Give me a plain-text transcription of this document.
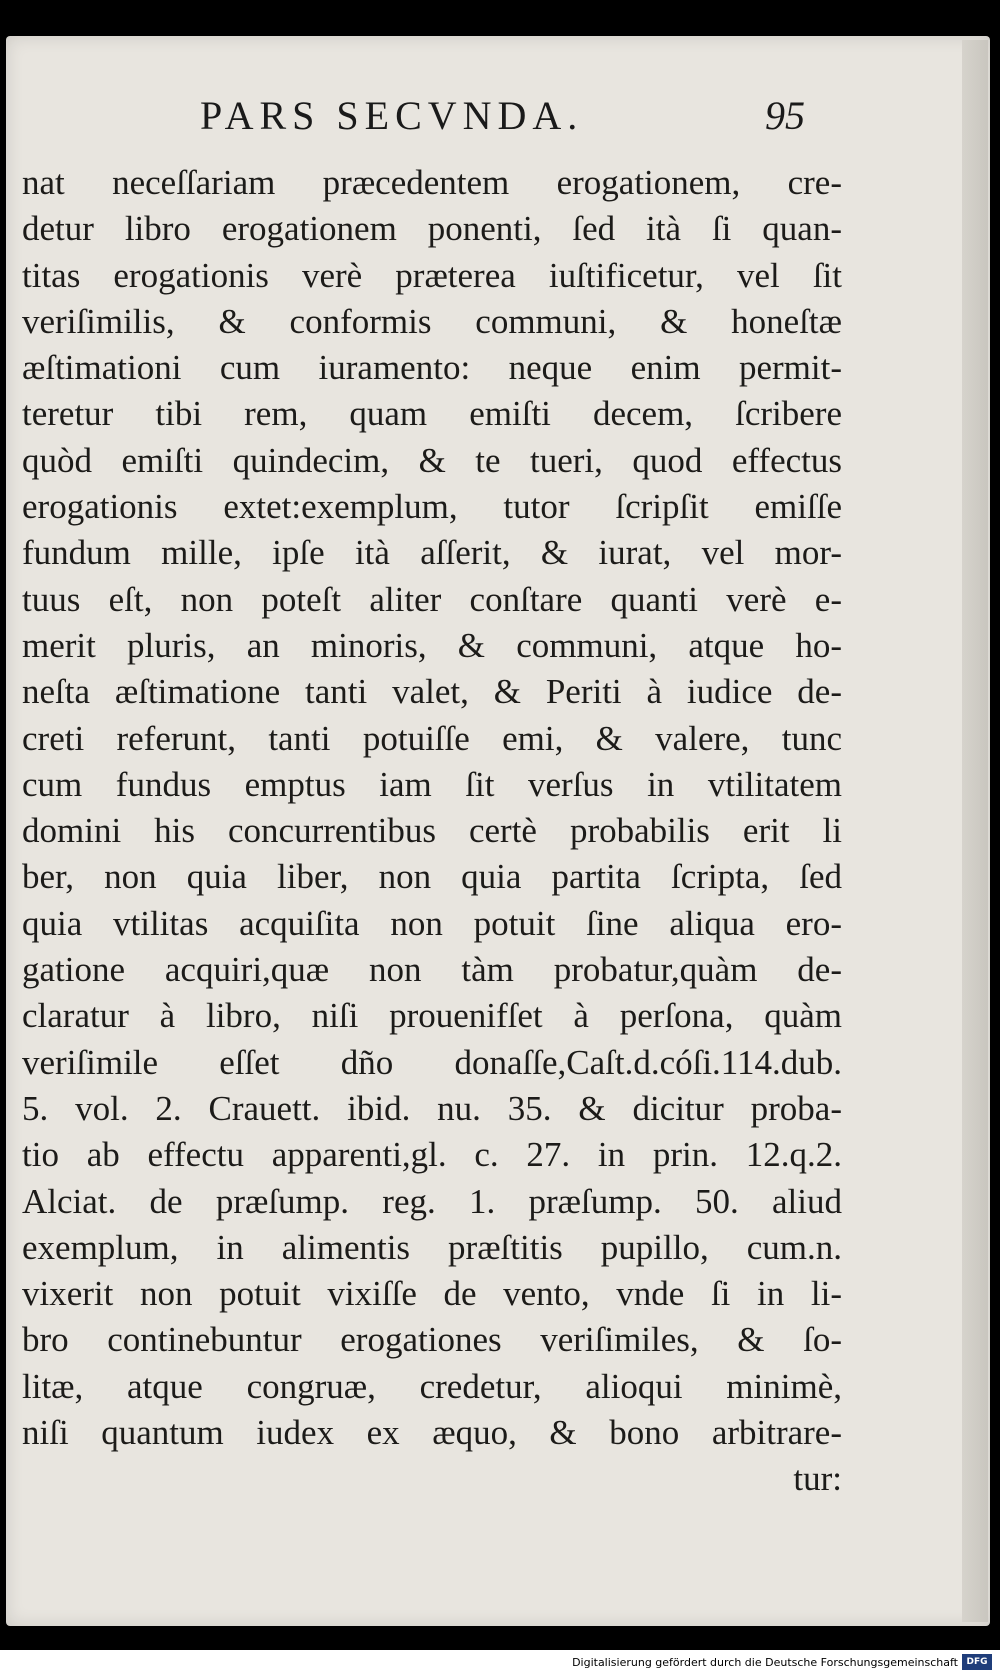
PARS SECVNDA.	95
nat neceſſariam præcedentem erogationem, cre-
detur libro erogationem ponenti, ſed ità ſi quan-
titas erogationis verè præterea iuſtificetur, vel ſit
veriſimilis, & conformis communi, & honeſtæ
æſtimationi cum iuramento: neque enim permit-
teretur tibi rem, quam emiſti decem, ſcribere
quòd emiſti quindecim, & te tueri, quod effectus
erogationis extet:exemplum, tutor ſcripſit emiſſe
fundum mille, ipſe ità aſſerit, & iurat, vel mor-
tuus eſt, non poteſt aliter conſtare quanti verè e-
merit pluris, an minoris, & communi, atque ho-
neſta æſtimatione tanti valet, & Periti à iudice de-
creti referunt, tanti potuiſſe emi, & valere, tunc
cum fundus emptus iam ſit verſus in vtilitatem
domini his concurrentibus certè probabilis erit li
ber, non quia liber, non quia partita ſcripta, ſed
quia vtilitas acquiſita non potuit ſine aliqua ero-
gatione acquiri,quæ non tàm probatur,quàm de-
claratur à libro, niſi prouenifſet à perſona, quàm
veriſimile eſſet dño donaſſe,Caſt.d.cóſi.114.dub.
5. vol. 2. Crauett. ibid. nu. 35. & dicitur proba-
tio ab effectu apparenti,gl. c. 27. in prin. 12.q.2.
Alciat. de præſump. reg. 1. præſump. 50. aliud
exemplum, in alimentis præſtitis pupillo, cum.n.
vixerit non potuit vixiſſe de vento, vnde ſi in li-
bro continebuntur erogationes veriſimiles, & ſo-
litæ, atque congruæ, credetur, alioqui minimè,
niſi quantum iudex ex æquo, & bono arbitrare-
tur:
Digitalisierung gefördert durch die Deutsche Forschungsgemeinschaft DFG
